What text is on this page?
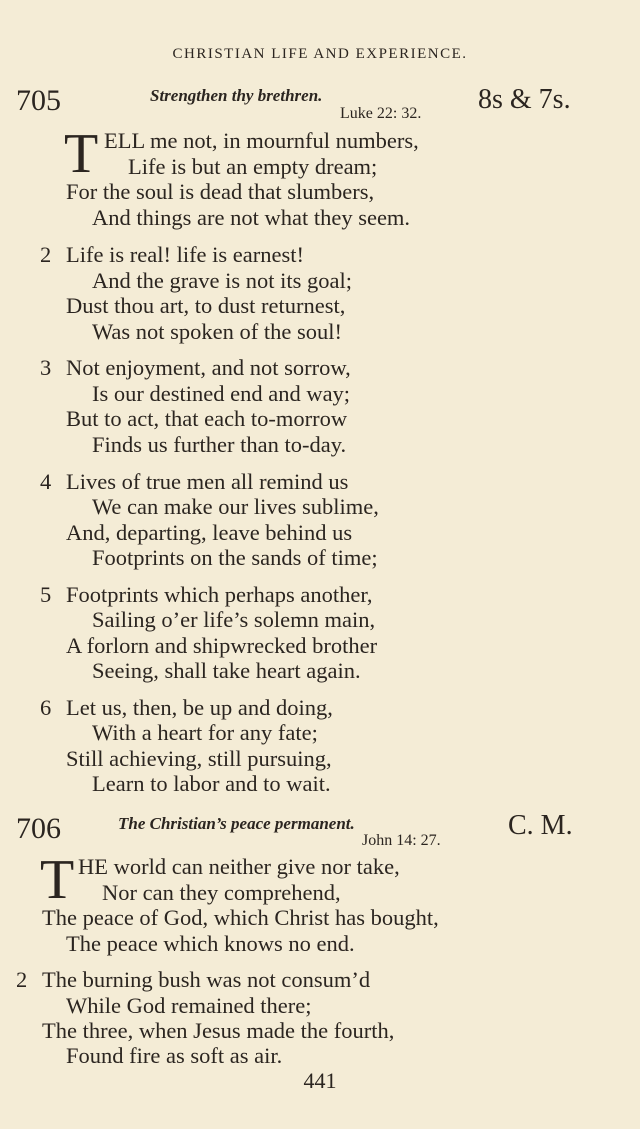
CHRISTIAN LIFE AND EXPERIENCE.
705	Strengthen thy brethren.
Luke 22: 32. 8s & 7s.
T ELL me not, in mournful numbers,
Life is but an empty dream;
For the soul is dead that slumbers,
And things are not what they seem.
2 Life is real! life is earnest!
And the grave is not its goal;
Dust thou art, to dust returnest,
Was not spoken of the soul!
3 Not enjoyment, and not sorrow,
Is our destined end and way;
But to act, that each to-morrow
Finds us further than to-day.
4 Lives of true men all remind us
We can make our lives sublime,
And, departing, leave behind us
Footprints on the sands of time;
5 Footprints which perhaps another,
Sailing o’er life’s solemn main,
A forlorn and shipwrecked brother
Seeing, shall take heart again.
6 Let us, then, be up and doing,
With a heart for any fate;
Still achieving, still pursuing,
Learn to labor and to wait.
706	The Christian’s peace permanent.
John 14: 27. C. M.
T HE world can neither give nor take,
Nor can they comprehend,
The peace of God, which Christ has bought,
The peace which knows no end.
2 The burning bush was not consum’d
While God remained there;
The three, when Jesus made the fourth,
Found fire as soft as air.
441
